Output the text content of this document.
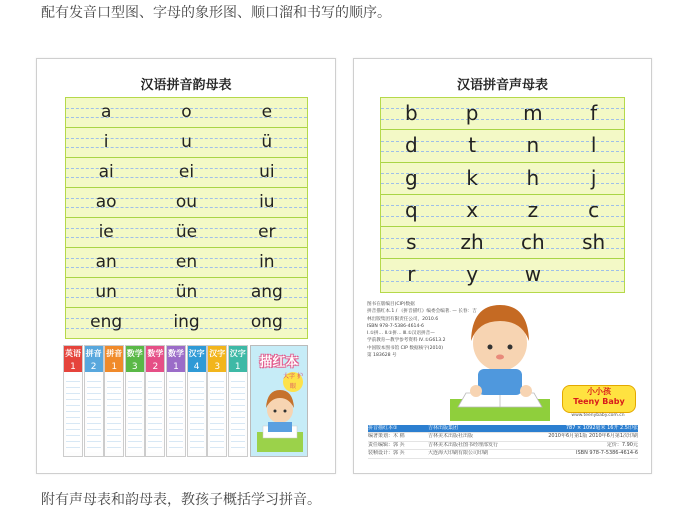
配有发音口型图、字母的象形图、顺口溜和书写的顺序。
汉语拼音韵母表
a	o	e
i	u	ü
ai	ei	ui
ao	ou	iu
ie	üe	er
an	en	in
un	ün	ang
eng	ing	ong
汉字
1
汉字
3
汉字
4
数学
1
数学
2
数学
3
拼音
1
拼音
2
英语
1	描红本
大字 护眼
汉语拼音声母表
b	p	m	f
d	t	n	l
g	k	h	j
q	x	z	c
s	zh	ch	sh
r	y	w
图书在版编目(CIP)数据
拼音描红本.1 / 《拼音描红》编委会编著. — 长春：吉
林出版集团有限责任公司，2010.6
ISBN 978-7-5386-4614-6
Ⅰ.①拼… Ⅱ.①拼… Ⅲ.①汉语拼音—
学前教育—教学参考资料 Ⅳ.①G613.2
中国版本图书馆 CIP 数据核字(2010)
第 183628 号
小小孩
Teeny Baby
www.teenybaby.com.cn
拼音描红本①	吉林出版集团	787 × 1092毫米 16开 2.5印张
编著策划：木 棉	吉林美术出版社出版	2010年6月第1版 2010年6月第1次印刷
责任编辑：郭 兵	吉林美术出版社图书经理部发行	定价：7.90元
装帧设计：郭 兵	大连海大印刷有限公司印刷	ISBN 978-7-5386-4614-6
附有声母表和韵母表，教孩子概括学习拼音。
